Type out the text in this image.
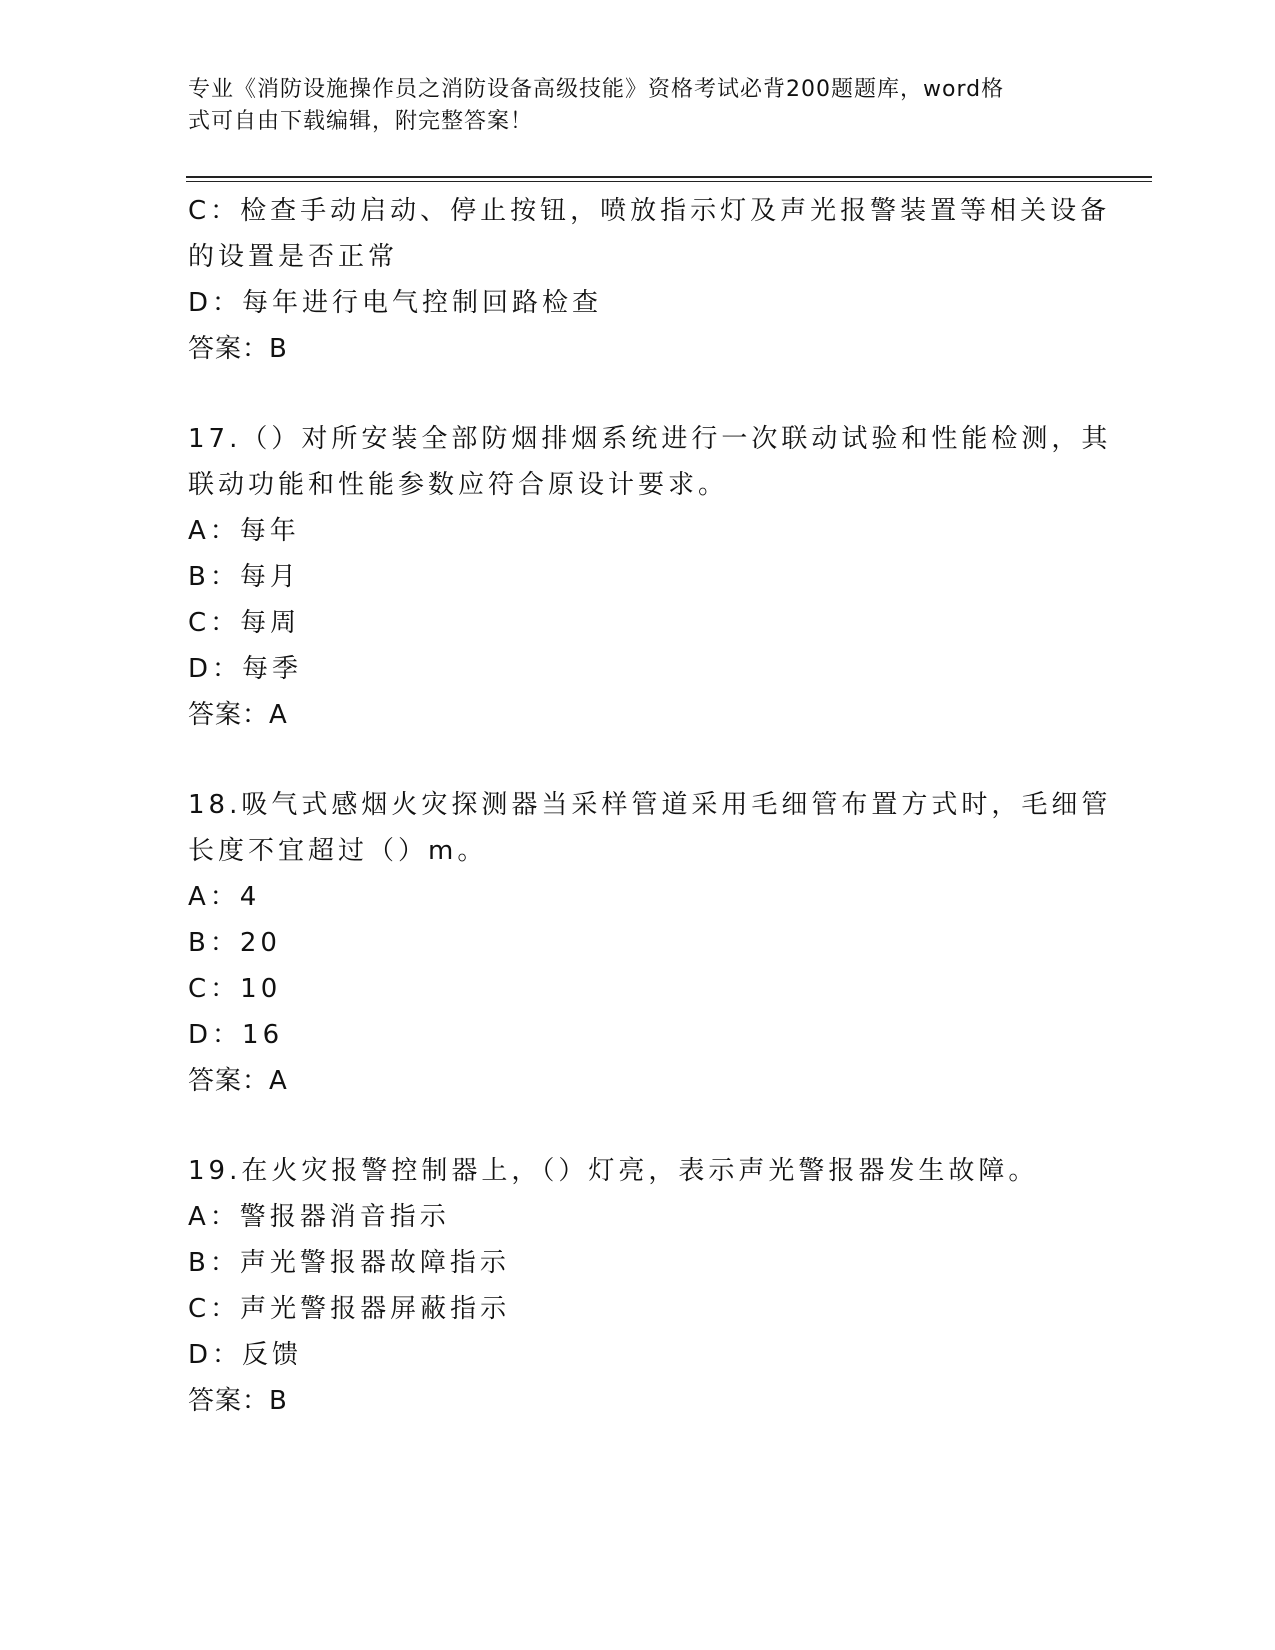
专业《消防设施操作员之消防设备高级技能》资格考试必背200题题库，word格
式可自由下载编辑，附完整答案！
C：检查手动启动、停止按钮，喷放指示灯及声光报警装置等相关设备
的设置是否正常
D：每年进行电气控制回路检查
答案：B
17.（）对所安装全部防烟排烟系统进行一次联动试验和性能检测，其
联动功能和性能参数应符合原设计要求。
A：每年
B：每月
C：每周
D：每季
答案：A
18.吸气式感烟火灾探测器当采样管道采用毛细管布置方式时，毛细管
长度不宜超过（）m。
A：4
B：20
C：10
D：16
答案：A
19.在火灾报警控制器上，（）灯亮，表示声光警报器发生故障。
A：警报器消音指示
B：声光警报器故障指示
C：声光警报器屏蔽指示
D：反馈
答案：B
